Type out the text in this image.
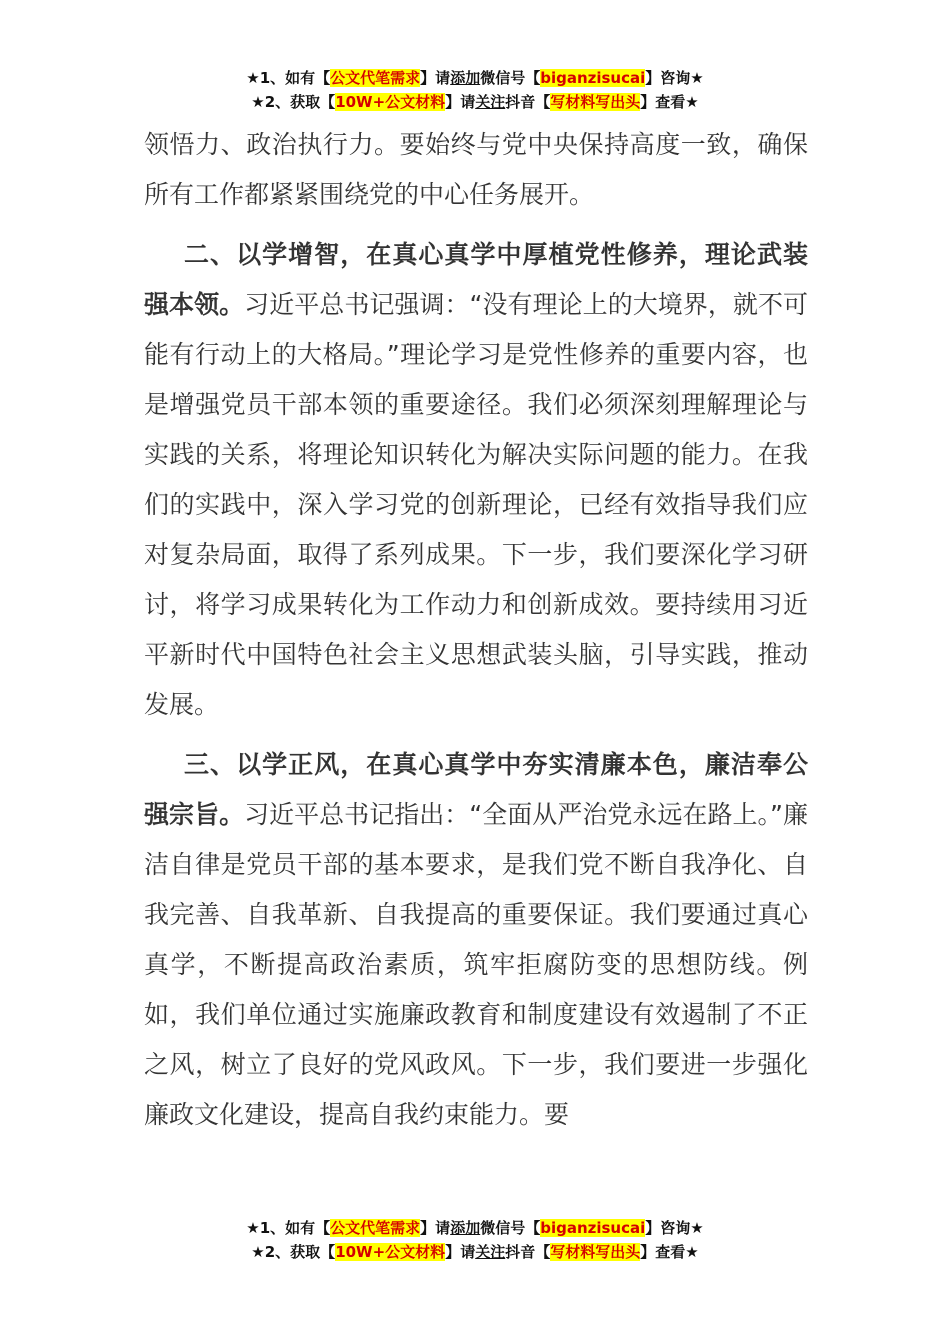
★1、如有【公文代笔需求】请添加微信号【biganzisucai】咨询★
★2、获取【10W+公文材料】请关注抖音【写材料写出头】查看★

领悟力、政治执行力。要始终与党中央保持高度一致，确保所有工作都紧紧围绕党的中心任务展开。

二、以学增智，在真心真学中厚植党性修养，理论武装强本领。习近平总书记强调：“没有理论上的大境界，就不可能有行动上的大格局。”理论学习是党性修养的重要内容，也是增强党员干部本领的重要途径。我们必须深刻理解理论与实践的关系，将理论知识转化为解决实际问题的能力。在我们的实践中，深入学习党的创新理论，已经有效指导我们应对复杂局面，取得了系列成果。下一步，我们要深化学习研讨，将学习成果转化为工作动力和创新成效。要持续用习近平新时代中国特色社会主义思想武装头脑，引导实践，推动发展。

三、以学正风，在真心真学中夯实清廉本色，廉洁奉公强宗旨。习近平总书记指出：“全面从严治党永远在路上。”廉洁自律是党员干部的基本要求，是我们党不断自我净化、自我完善、自我革新、自我提高的重要保证。我们要通过真心真学，不断提高政治素质，筑牢拒腐防变的思想防线。例如，我们单位通过实施廉政教育和制度建设有效遏制了不正之风，树立了良好的党风政风。下一步，我们要进一步强化廉政文化建设，提高自我约束能力。要

★1、如有【公文代笔需求】请添加微信号【biganzisucai】咨询★
★2、获取【10W+公文材料】请关注抖音【写材料写出头】查看★
